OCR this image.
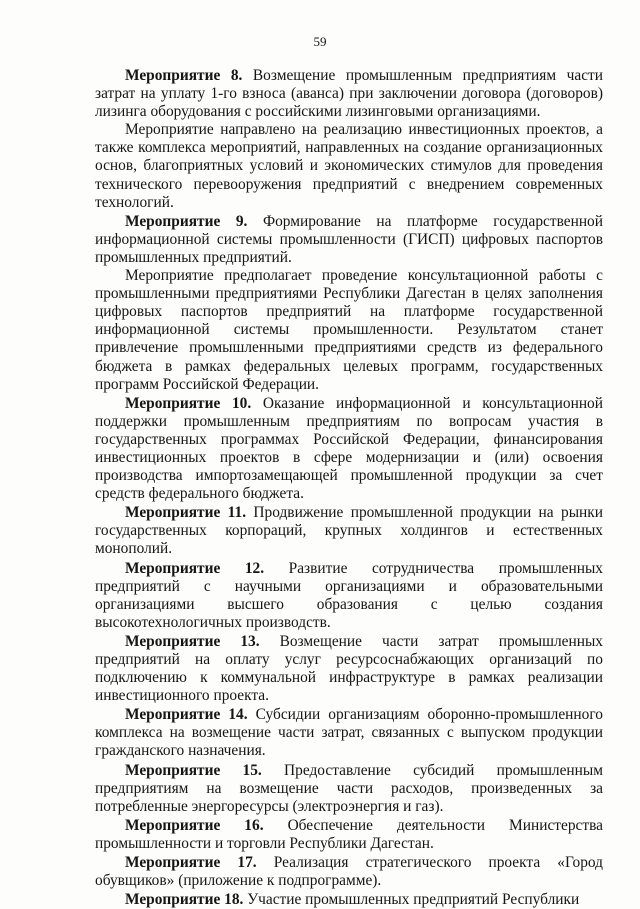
59

Мероприятие 8. Возмещение промышленным предприятиям части затрат на уплату 1-го взноса (аванса) при заключении договора (договоров) лизинга оборудования с российскими лизинговыми организациями.

Мероприятие направлено на реализацию инвестиционных проектов, а также комплекса мероприятий, направленных на создание организационных основ, благоприятных условий и экономических стимулов для проведения технического перевооружения предприятий с внедрением современных технологий.

Мероприятие 9. Формирование на платформе государственной информационной системы промышленности (ГИСП) цифровых паспортов промышленных предприятий.

Мероприятие предполагает проведение консультационной работы с промышленными предприятиями Республики Дагестан в целях заполнения цифровых паспортов предприятий на платформе государственной информационной системы промышленности. Результатом станет привлечение промышленными предприятиями средств из федерального бюджета в рамках федеральных целевых программ, государственных программ Российской Федерации.

Мероприятие 10. Оказание информационной и консультационной поддержки промышленным предприятиям по вопросам участия в государственных программах Российской Федерации, финансирования инвестиционных проектов в сфере модернизации и (или) освоения производства импортозамещающей промышленной продукции за счет средств федерального бюджета.

Мероприятие 11. Продвижение промышленной продукции на рынки государственных корпораций, крупных холдингов и естественных монополий.

Мероприятие 12. Развитие сотрудничества промышленных предприятий с научными организациями и образовательными организациями высшего образования с целью создания высокотехнологичных производств.

Мероприятие 13. Возмещение части затрат промышленных предприятий на оплату услуг ресурсоснабжающих организаций по подключению к коммунальной инфраструктуре в рамках реализации инвестиционного проекта.

Мероприятие 14. Субсидии организациям оборонно-промышленного комплекса на возмещение части затрат, связанных с выпуском продукции гражданского назначения.

Мероприятие 15. Предоставление субсидий промышленным предприятиям на возмещение части расходов, произведенных за потребленные энергоресурсы (электроэнергия и газ).

Мероприятие 16. Обеспечение деятельности Министерства промышленности и торговли Республики Дагестан.

Мероприятие 17. Реализация стратегического проекта «Город обувщиков» (приложение к подпрограмме).

Мероприятие 18. Участие промышленных предприятий Республики
